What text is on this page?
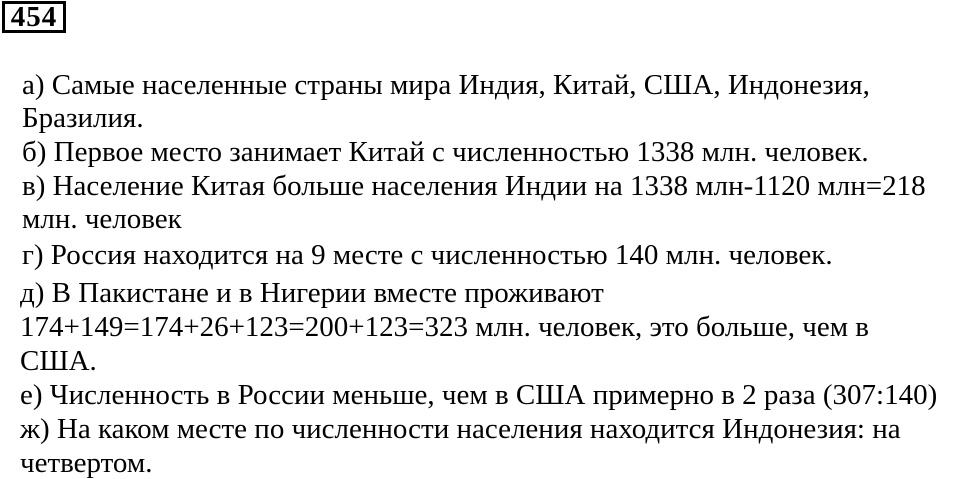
454
а) Самые населенные страны мира Индия, Китай, США, Индонезия,
Бразилия.
б) Первое место занимает Китай с численностью 1338 млн. человек.
в) Население Китая больше населения Индии на 1338 млн-1120 млн=218
млн. человек
г) Россия находится на 9 месте с численностью 140 млн. человек.
д) В Пакистане и в Нигерии вместе проживают
174+149=174+26+123=200+123=323 млн. человек, это больше, чем в
США.
е) Численность в России меньше, чем в США примерно в 2 раза (307:140)
ж) На каком месте по численности населения находится Индонезия: на
четвертом.
